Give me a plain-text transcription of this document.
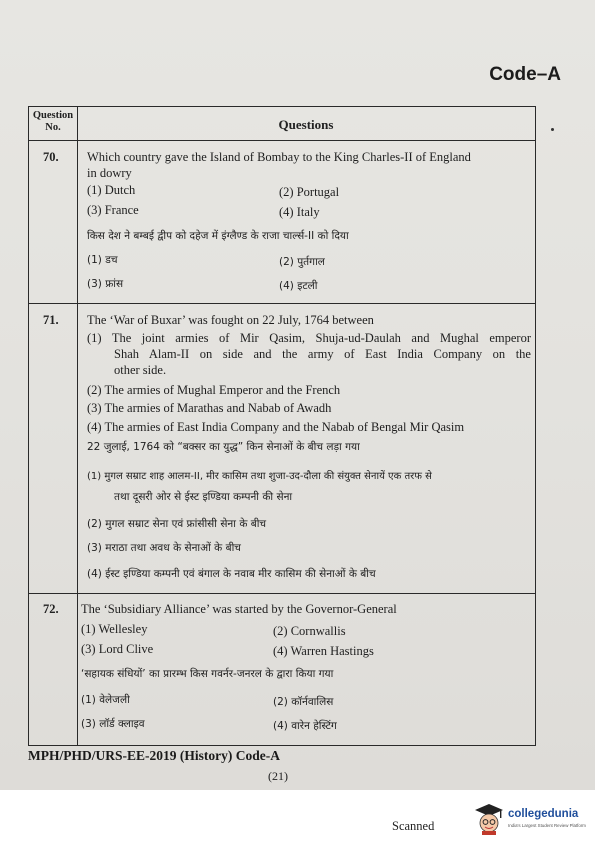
Code–A
Question No.	Questions
70. Which country gave the Island of Bombay to the King Charles-II of England
in dowry
(1) Dutch	(2) Portugal
(3) France	(4) Italy
किस देश ने बम्बई द्वीप को दहेज में इंग्लैण्ड के राजा चार्ल्स-II को दिया
(1) डच	(2) पुर्तगाल
(3) फ्रांस	(4) इटली
71. The ‘War of Buxar’ was fought on 22 July, 1764 between
(1) The joint armies of Mir Qasim, Shuja-ud-Daulah and Mughal emperor
Shah Alam-II on side and the army of East India Company on the
other side.
(2) The armies of Mughal Emperor and the French
(3) The armies of Marathas and Nabab of Awadh
(4) The armies of East India Company and the Nabab of Bengal Mir Qasim
22 जुलाई, 1764 को “बक्सर का युद्ध” किन सेनाओं के बीच लड़ा गया
(1) मुगल सम्राट शाह आलम-II, मीर कासिम तथा शुजा-उद-दौला की संयुक्त सेनायें एक तरफ से
तथा दूसरी ओर से ईस्ट इण्डिया कम्पनी की सेना
(2) मुगल सम्राट सेना एवं फ्रांसीसी सेना के बीच
(3) मराठा तथा अवध के सेनाओं के बीच
(4) ईस्ट इण्डिया कम्पनी एवं बंगाल के नवाब मीर कासिम की सेनाओं के बीच
72. The ‘Subsidiary Alliance’ was started by the Governor-General
(1) Wellesley	(2) Cornwallis
(3) Lord Clive	(4) Warren Hastings
‘सहायक संधियों’ का प्रारम्भ किस गवर्नर-जनरल के द्वारा किया गया
(1) वेलेजली	(2) कॉर्नवालिस
(3) लॉर्ड क्लाइव	(4) वारेन हेस्टिंग
MPH/PHD/URS-EE-2019 (History) Code-A
(21)
Scanned
collegedunia
India's Largest Student Review Platform
